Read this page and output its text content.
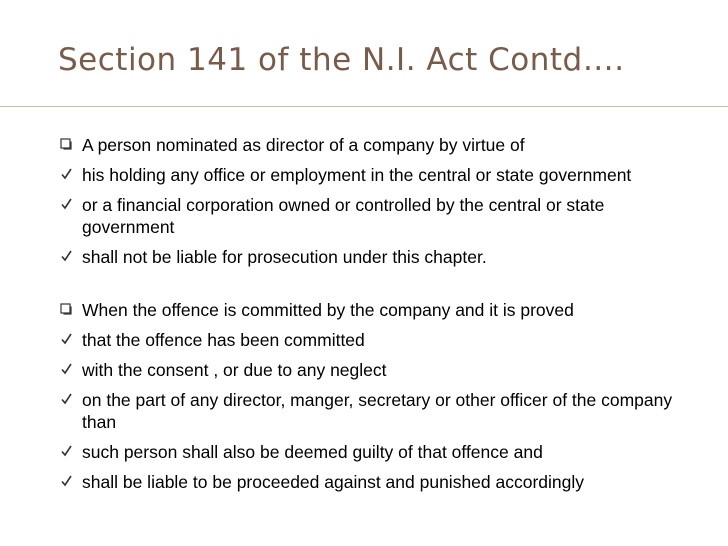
Section 141 of the N.I. Act Contd….
A person nominated as director of a company by virtue of
his holding any office or employment in the central or state government
or a financial corporation owned or controlled by the central or state government
shall not be liable for prosecution under this chapter.
When the offence is committed by the company and it is proved
that the offence has been committed
with the consent , or due to any neglect
on the part of any director, manger, secretary or other officer of the company than
such person shall also be deemed guilty of that offence and
shall be liable to be proceeded against and punished accordingly
